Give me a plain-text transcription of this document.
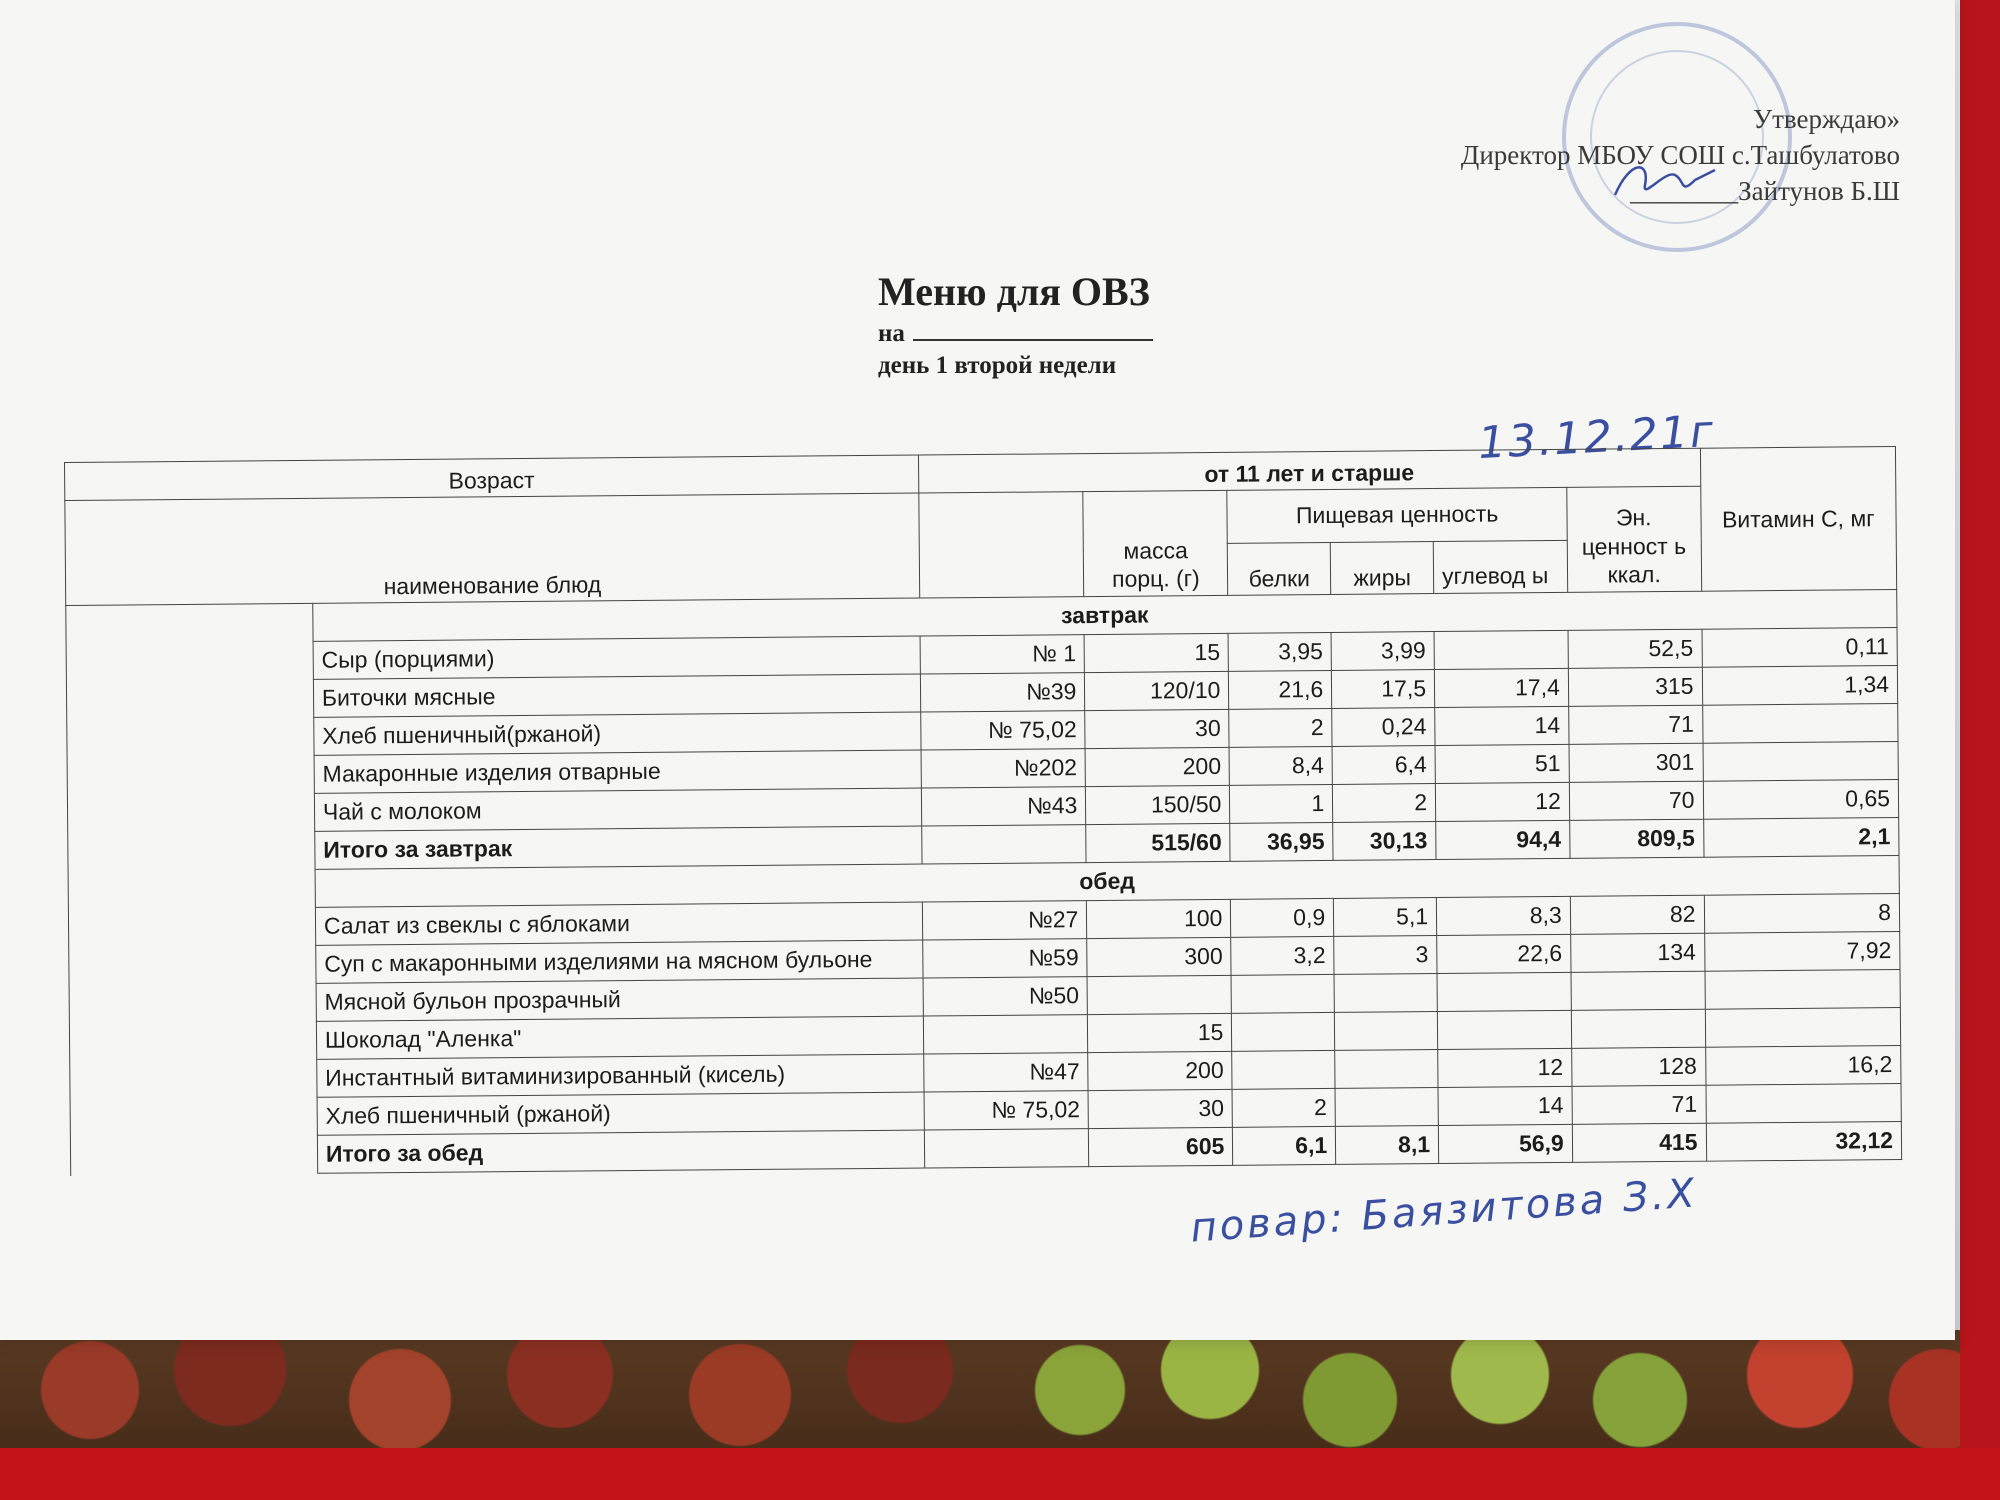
Утверждаю»
Директор МБОУ СОШ с.Ташбулатово
________Зайтунов Б.Ш
Меню для ОВЗ
на
день 1 второй недели
13.12.21г
Возраст		от 11 лет и старше						Витамин С, мг
наименование блюд			масса порц. (г)	Пищевая ценность			Эн. ценност ь ккал.	
				белки	жиры	углевод ы		
	завтрак							
	Сыр (порциями)	№ 1	15	3,95	3,99		52,5	0,11
	Биточки мясные	№39	120/10	21,6	17,5	17,4	315	1,34
	Хлеб пшеничный(ржаной)	№ 75,02	30	2	0,24	14	71	
	Макаронные изделия отварные	№202	200	8,4	6,4	51	301	
	Чай с молоком	№43	150/50	1	2	12	70	0,65
	Итого за завтрак		515/60	36,95	30,13	94,4	809,5	2,1
	обед							
	Салат из свеклы с яблоками	№27	100	0,9	5,1	8,3	82	8
	Суп с макаронными изделиями на мясном бульоне	№59	300	3,2	3	22,6	134	7,92
	Мясной бульон прозрачный	№50						
	Шоколад "Аленка"		15					
	Инстантный витаминизированный (кисель)	№47	200			12	128	16,2
	Хлеб пшеничный (ржаной)	№ 75,02	30	2		14	71	
	Итого за обед		605	6,1	8,1	56,9	415	32,12
повар: Баязитова З.Х
